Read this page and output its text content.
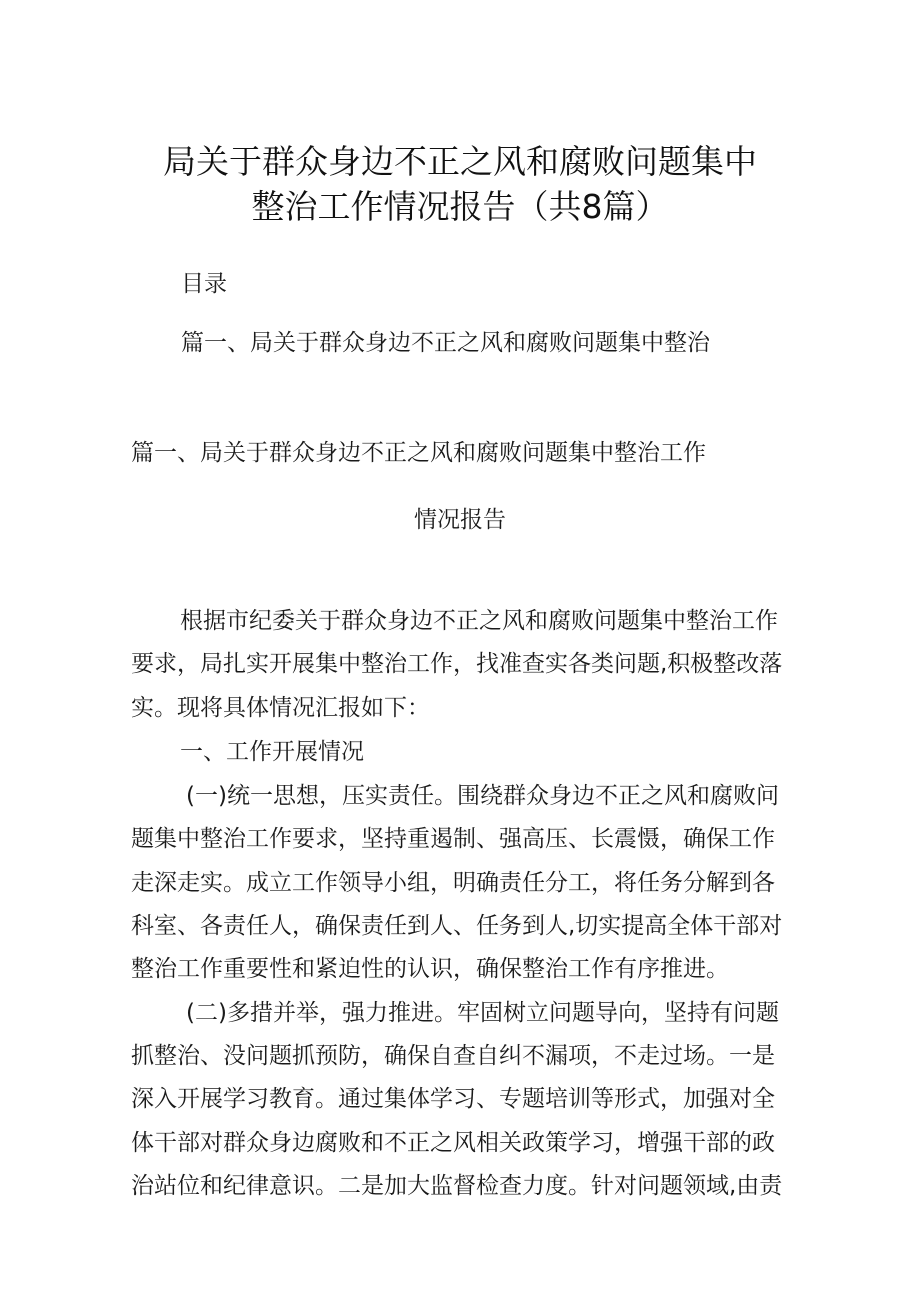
局关于群众身边不正之风和腐败问题集中
整治工作情况报告（共8篇）
目录
篇一、局关于群众身边不正之风和腐败问题集中整治
篇一、局关于群众身边不正之风和腐败问题集中整治工作
情况报告
根据市纪委关于群众身边不正之风和腐败问题集中整治工作
要求，局扎实开展集中整治工作，找准查实各类问题,积极整改落
实。现将具体情况汇报如下：
一、工作开展情况
(一)统一思想，压实责任。围绕群众身边不正之风和腐败问
题集中整治工作要求，坚持重遏制、强高压、长震慑，确保工作
走深走实。成立工作领导小组，明确责任分工，将任务分解到各
科室、各责任人，确保责任到人、任务到人,切实提高全体干部对
整治工作重要性和紧迫性的认识，确保整治工作有序推进。
(二)多措并举，强力推进。牢固树立问题导向，坚持有问题
抓整治、没问题抓预防，确保自查自纠不漏项，不走过场。一是
深入开展学习教育。通过集体学习、专题培训等形式，加强对全
体干部对群众身边腐败和不正之风相关政策学习，增强干部的政
治站位和纪律意识。二是加大监督检查力度。针对问题领域,由责
